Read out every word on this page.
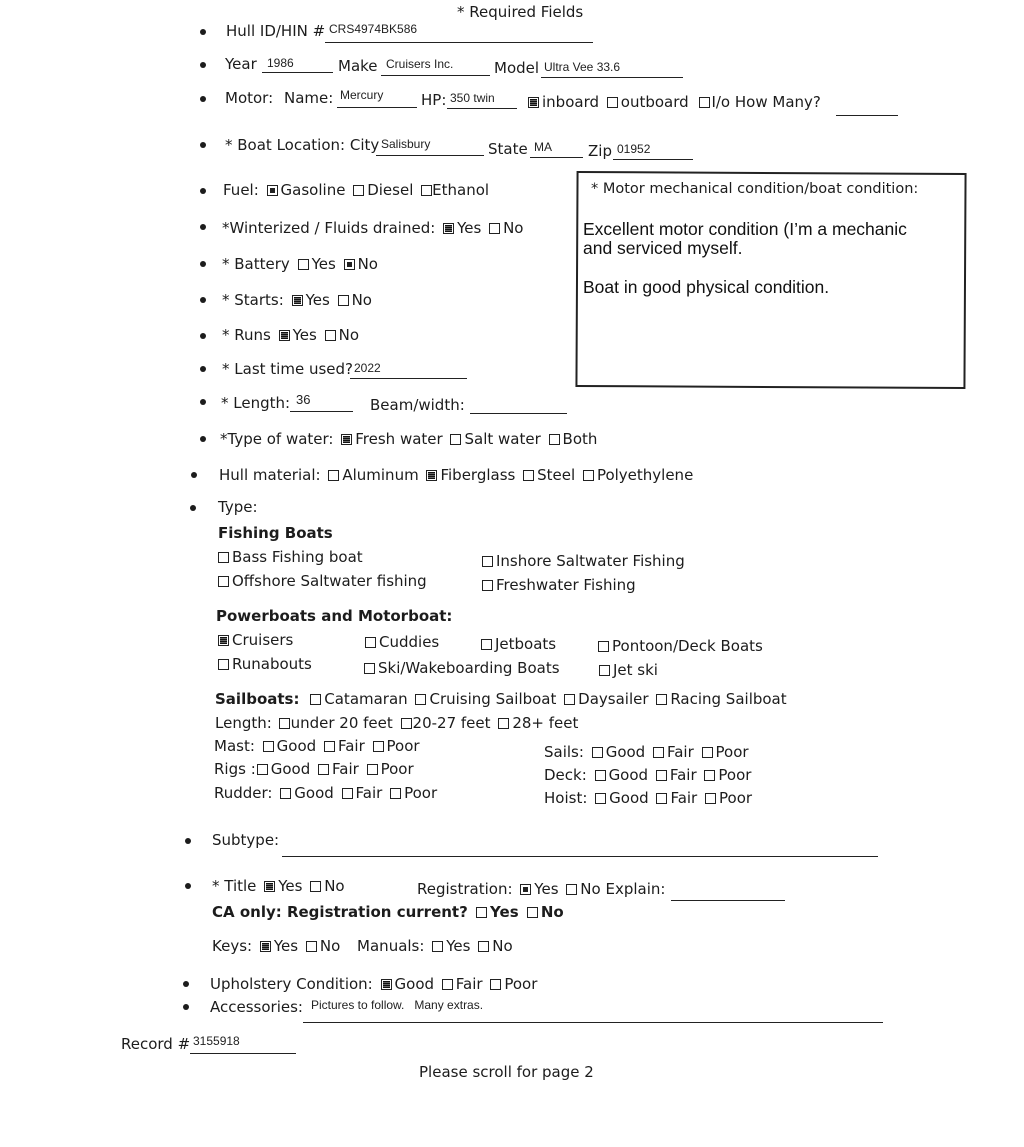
* Required Fields
Hull ID/HIN # CRS4974BK586
Year 1986	Make Cruisers Inc.	Model Ultra Vee 33.6
Motor: Name: Mercury	HP: 350 twin	inboard outboard I/o How Many?
* Boat Location: City Salisbury	State MA Zip 01952
Fuel: Gasoline Diesel Ethanol
*Winterized / Fluids drained: Yes No
* Battery Yes No
* Starts: Yes No
* Runs Yes No
* Last time used? 2022
* Length: 36	Beam/width:
*Type of water: Fresh water Salt water Both
Hull material: Aluminum Fiberglass Steel Polyethylene
* Motor mechanical condition/boat condition:
Excellent motor condition (I’m a mechanic
and serviced myself.
Boat in good physical condition.
Type:
Fishing Boats
Bass Fishing boat	Inshore Saltwater Fishing
Offshore Saltwater fishing	Freshwater Fishing
Powerboats and Motorboat:
Cruisers	Cuddies	Jetboats	Pontoon/Deck Boats
Runabouts	Ski/Wakeboarding Boats	Jet ski
Sailboats: Catamaran Cruising Sailboat Daysailer Racing Sailboat
Length: under 20 feet 20-27 feet 28+ feet
Mast: Good Fair Poor
Rigs : Good Fair Poor
Rudder: Good Fair Poor
Sails: Good Fair Poor
Deck: Good Fair Poor
Hoist: Good Fair Poor
Subtype:
* Title Yes No	Registration: Yes No Explain:
CA only: Registration current? Yes No
Keys: Yes No Manuals: Yes No
Upholstery Condition: Good Fair Poor
Accessories: Pictures to follow.   Many extras.
Record # 3155918
Please scroll for page 2
